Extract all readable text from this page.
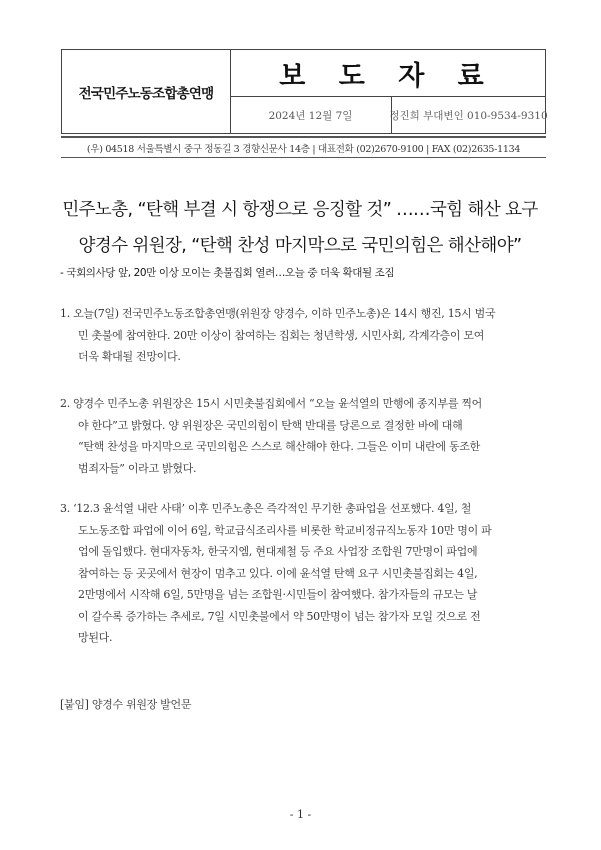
전국민주노동조합총연맹
보 도 자 료
2024년 12월 7일	정진희 부대변인 010-9534-9310
(우) 04518 서울특별시 중구 정동길 3 경향신문사 14층 | 대표전화 (02)2670-9100 | FAX (02)2635-1134
민주노총, “탄핵 부결 시 항쟁으로 응징할 것” ……국힘 해산 요구
양경수 위원장, “탄핵 찬성 마지막으로 국민의힘은 해산해야”
- 국회의사당 앞, 20만 이상 모이는 촛불집회 열려…오늘 중 더욱 확대될 조짐
1. 오늘(7일) 전국민주노동조합총연맹(위원장 양경수, 이하 민주노총)은 14시 행진, 15시 범국
민 촛불에 참여한다. 20만 이상이 참여하는 집회는 청년학생, 시민사회, 각계각층이 모여
더욱 확대될 전망이다.
2. 양경수 민주노총 위원장은 15시 시민촛불집회에서 “오늘 윤석열의 만행에 종지부를 찍어
야 한다”고 밝혔다. 양 위원장은 국민의힘이 탄핵 반대를 당론으로 결정한 바에 대해
“탄핵 찬성을 마지막으로 국민의힘은 스스로 해산해야 한다. 그들은 이미 내란에 동조한
범죄자들” 이라고 밝혔다.
3. ‘12.3 윤석열 내란 사태’ 이후 민주노총은 즉각적인 무기한 총파업을 선포했다. 4일, 철
도노동조합 파업에 이어 6일, 학교급식조리사를 비롯한 학교비정규직노동자 10만 명이 파
업에 돌입했다. 현대자동차, 한국지엠, 현대제철 등 주요 사업장 조합원 7만명이 파업에
참여하는 등 곳곳에서 현장이 멈추고 있다. 이에 윤석열 탄핵 요구 시민촛불집회는 4일,
2만명에서 시작해 6일, 5만명을 넘는 조합원·시민들이 참여했다. 참가자들의 규모는 날
이 갈수록 증가하는 추세로, 7일 시민촛불에서 약 50만명이 넘는 참가자 모일 것으로 전
망된다.
[붙임] 양경수 위원장 발언문
- 1 -
